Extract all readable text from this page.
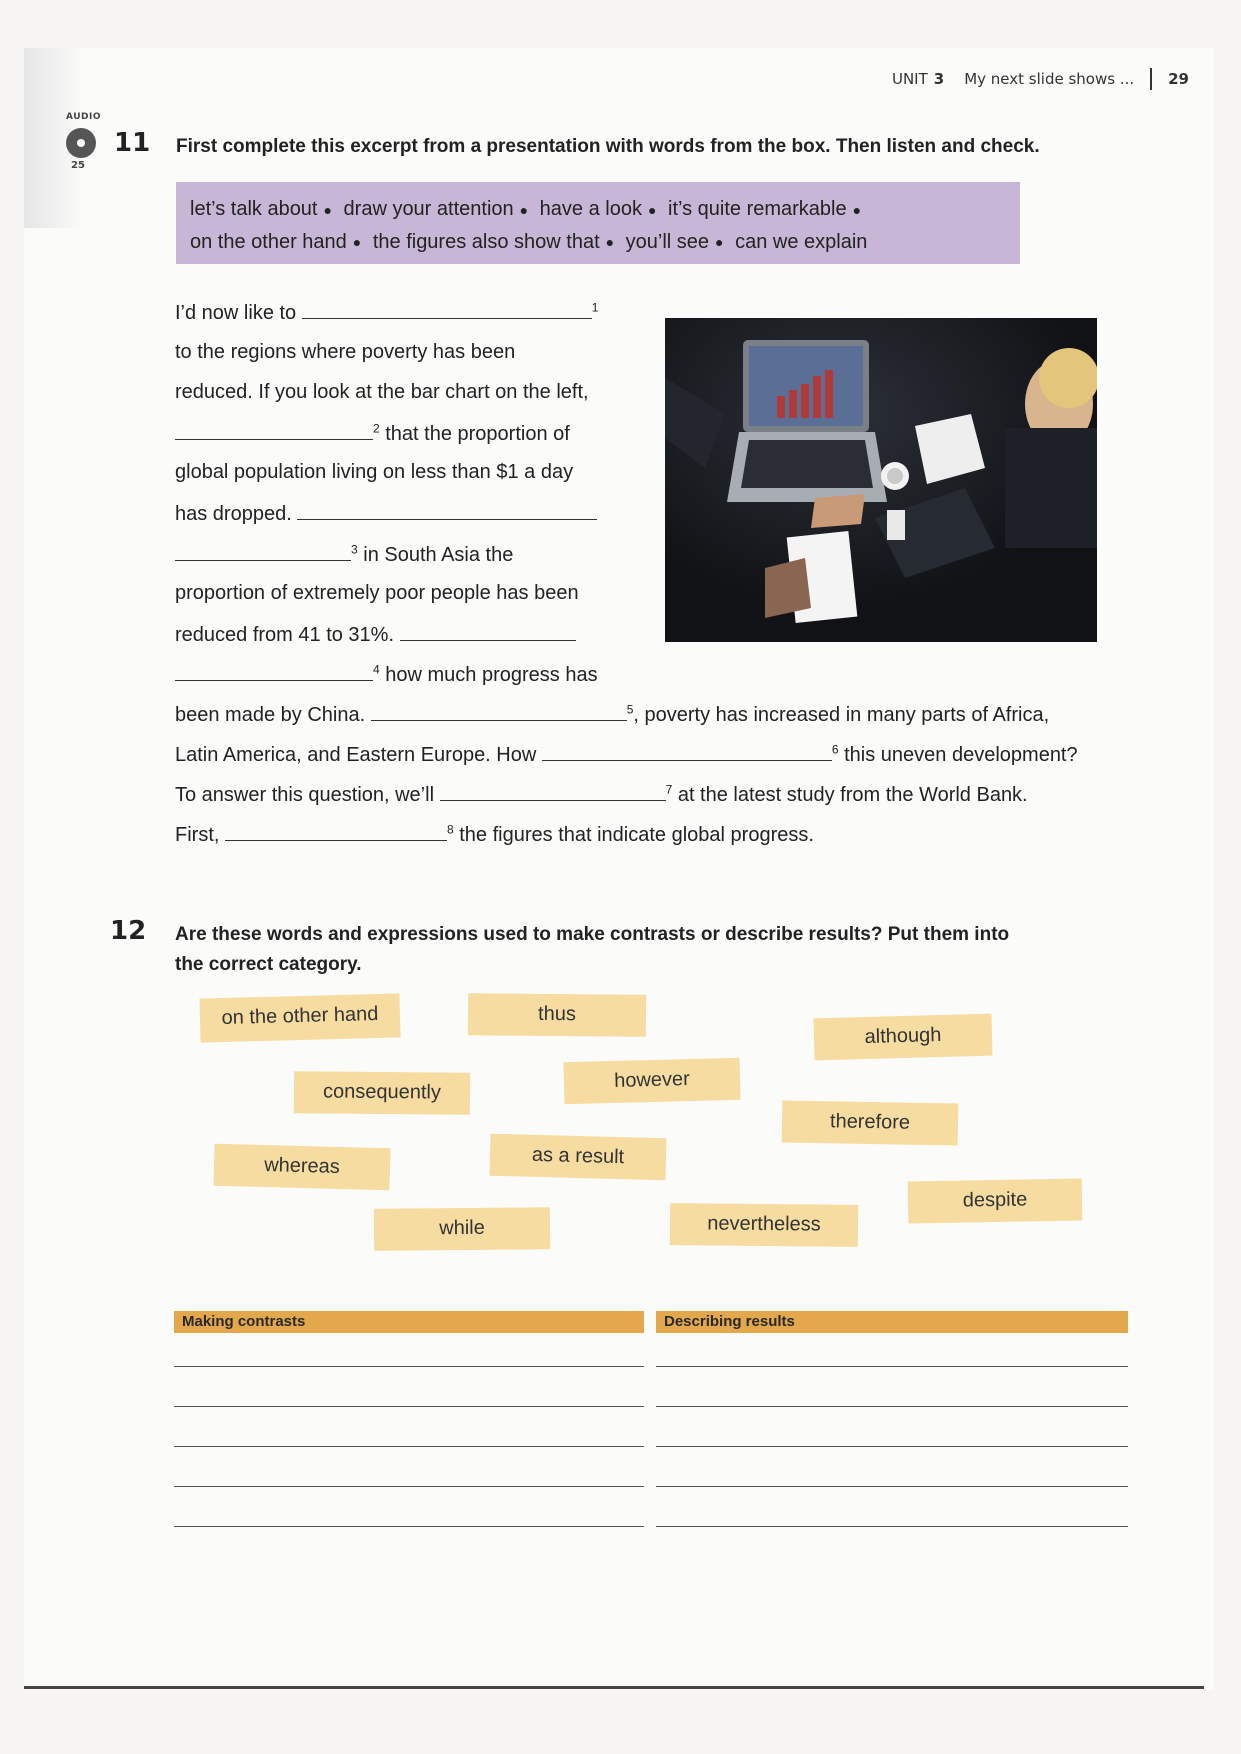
UNIT 3 My next slide shows ... 29
AUDIO
25
11 First complete this excerpt from a presentation with words from the box. Then listen and check.
let’s talk about ● draw your attention ● have a look ● it’s quite remarkable ●
on the other hand ● the figures also show that ● you’ll see ● can we explain
I’d now like to	$^1$
to the regions where poverty has been
reduced. If you look at the bar chart on the left,
$^2$ that the proportion of
global population living on less than $1 a day
has dropped.
$^3$ in South Asia the
proportion of extremely poor people has been
reduced from 41 to 31%.
$^4$ how much progress has
been made by China.	$^5$, poverty has increased in many parts of Africa,
Latin America, and Eastern Europe. How	$^6$ this uneven development?
To answer this question, we’ll	$^7$ at the latest study from the World Bank.
First,	$^8$ the figures that indicate global progress.
12 Are these words and expressions used to make contrasts or describe results? Put them into
the correct category.
on the other hand	thus
although
consequently
however
therefore
whereas	as a result
despite
while	nevertheless
Making contrasts	Describing results
